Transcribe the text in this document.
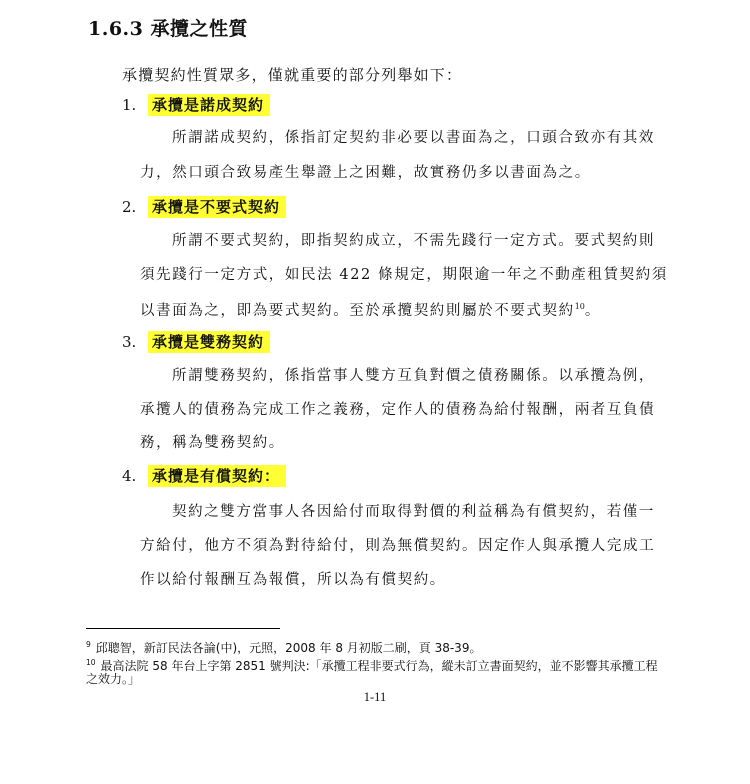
1.6.3 承攬之性質
承攬契約性質眾多，僅就重要的部分列舉如下：
1. 承攬是諾成契約
所謂諾成契約，係指訂定契約非必要以書面為之，口頭合致亦有其效
力，然口頭合致易產生舉證上之困難，故實務仍多以書面為之。
2. 承攬是不要式契約
所謂不要式契約，即指契約成立，不需先踐行一定方式。要式契約則
須先踐行一定方式，如民法 422 條規定，期限逾一年之不動產租賃契約須
以書面為之，即為要式契約。至於承攬契約則屬於不要式契約$^{10}$。
3. 承攬是雙務契約
所謂雙務契約，係指當事人雙方互負對價之債務關係。以承攬為例，
承攬人的債務為完成工作之義務，定作人的債務為給付報酬，兩者互負債
務，稱為雙務契約。
4. 承攬是有償契約：
契約之雙方當事人各因給付而取得對價的利益稱為有償契約，若僅一
方給付，他方不須為對待給付，則為無償契約。因定作人與承攬人完成工
作以給付報酬互為報償，所以為有償契約。
$^9$ 邱聰智，新訂民法各論(中)，元照，2008 年 8 月初版二刷，頁 38-39。
$^{10}$ 最高法院 58 年台上字第 2851 號判決:「承攬工程非要式行為，縱未訂立書面契約，並不影響其承攬工程
之效力。」
1-11
